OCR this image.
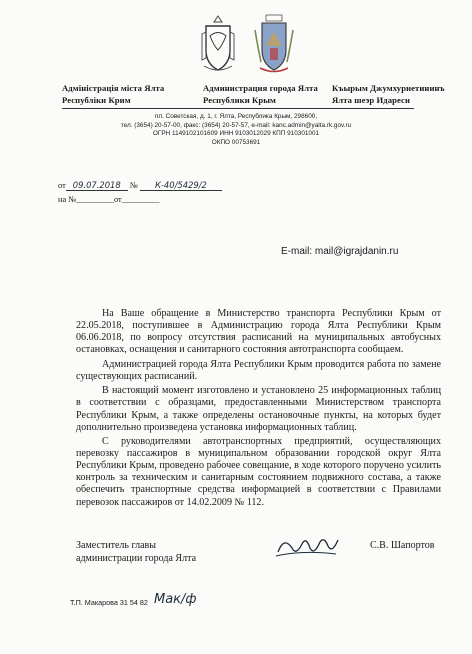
Адміністрація міста Ялта
Республіки Крим
Администрация города Ялта
Республики Крым
Къырым Джумхуриетининъ
Ялта шеэр Идареси
пл. Советская, д. 1, г. Ялта, Республика Крым, 298600,
тел. (3654) 20-57-00, факс: (3654) 20-57-57, e-mail: kanc.admin@yalta.rk.gov.ru
ОГРН 1149102101609 ИНН 9103012029 КПП 910301001
ОКПО 00753691
от 09.07.2018 № К-40/5429/2
на №_________от_________
E-mail: mail@igrajdanin.ru

На Ваше обращение в Министерство транспорта Республики Крым от 22.05.2018, поступившее в Администрацию города Ялта Республики Крым 06.06.2018, по вопросу отсутствия расписаний на муниципальных автобусных остановках, оснащения и санитарного состояния автотранспорта сообщаем.

Администрацией города Ялта Республики Крым проводится работа по замене существующих расписаний.

В настоящий момент изготовлено и установлено 25 информационных таблиц в соответствии с образцами, предоставленными Министерством транспорта Республики Крым, а также определены остановочные пункты, на которых будет дополнительно произведена установка информационных таблиц.

С руководителями автотранспортных предприятий, осуществляющих перевозку пассажиров в муниципальном образовании городской округ Ялта Республики Крым, проведено рабочее совещание, в ходе которого поручено усилить контроль за техническим и санитарным состоянием подвижного состава, а также обеспечить транспортные средства информацией в соответствии с Правилами перевозок пассажиров от 14.02.2009 № 112.

Заместитель главы
администрации города Ялта
С.В. Шапортов
Т.П. Макарова 31 54 82 Мак/ф
